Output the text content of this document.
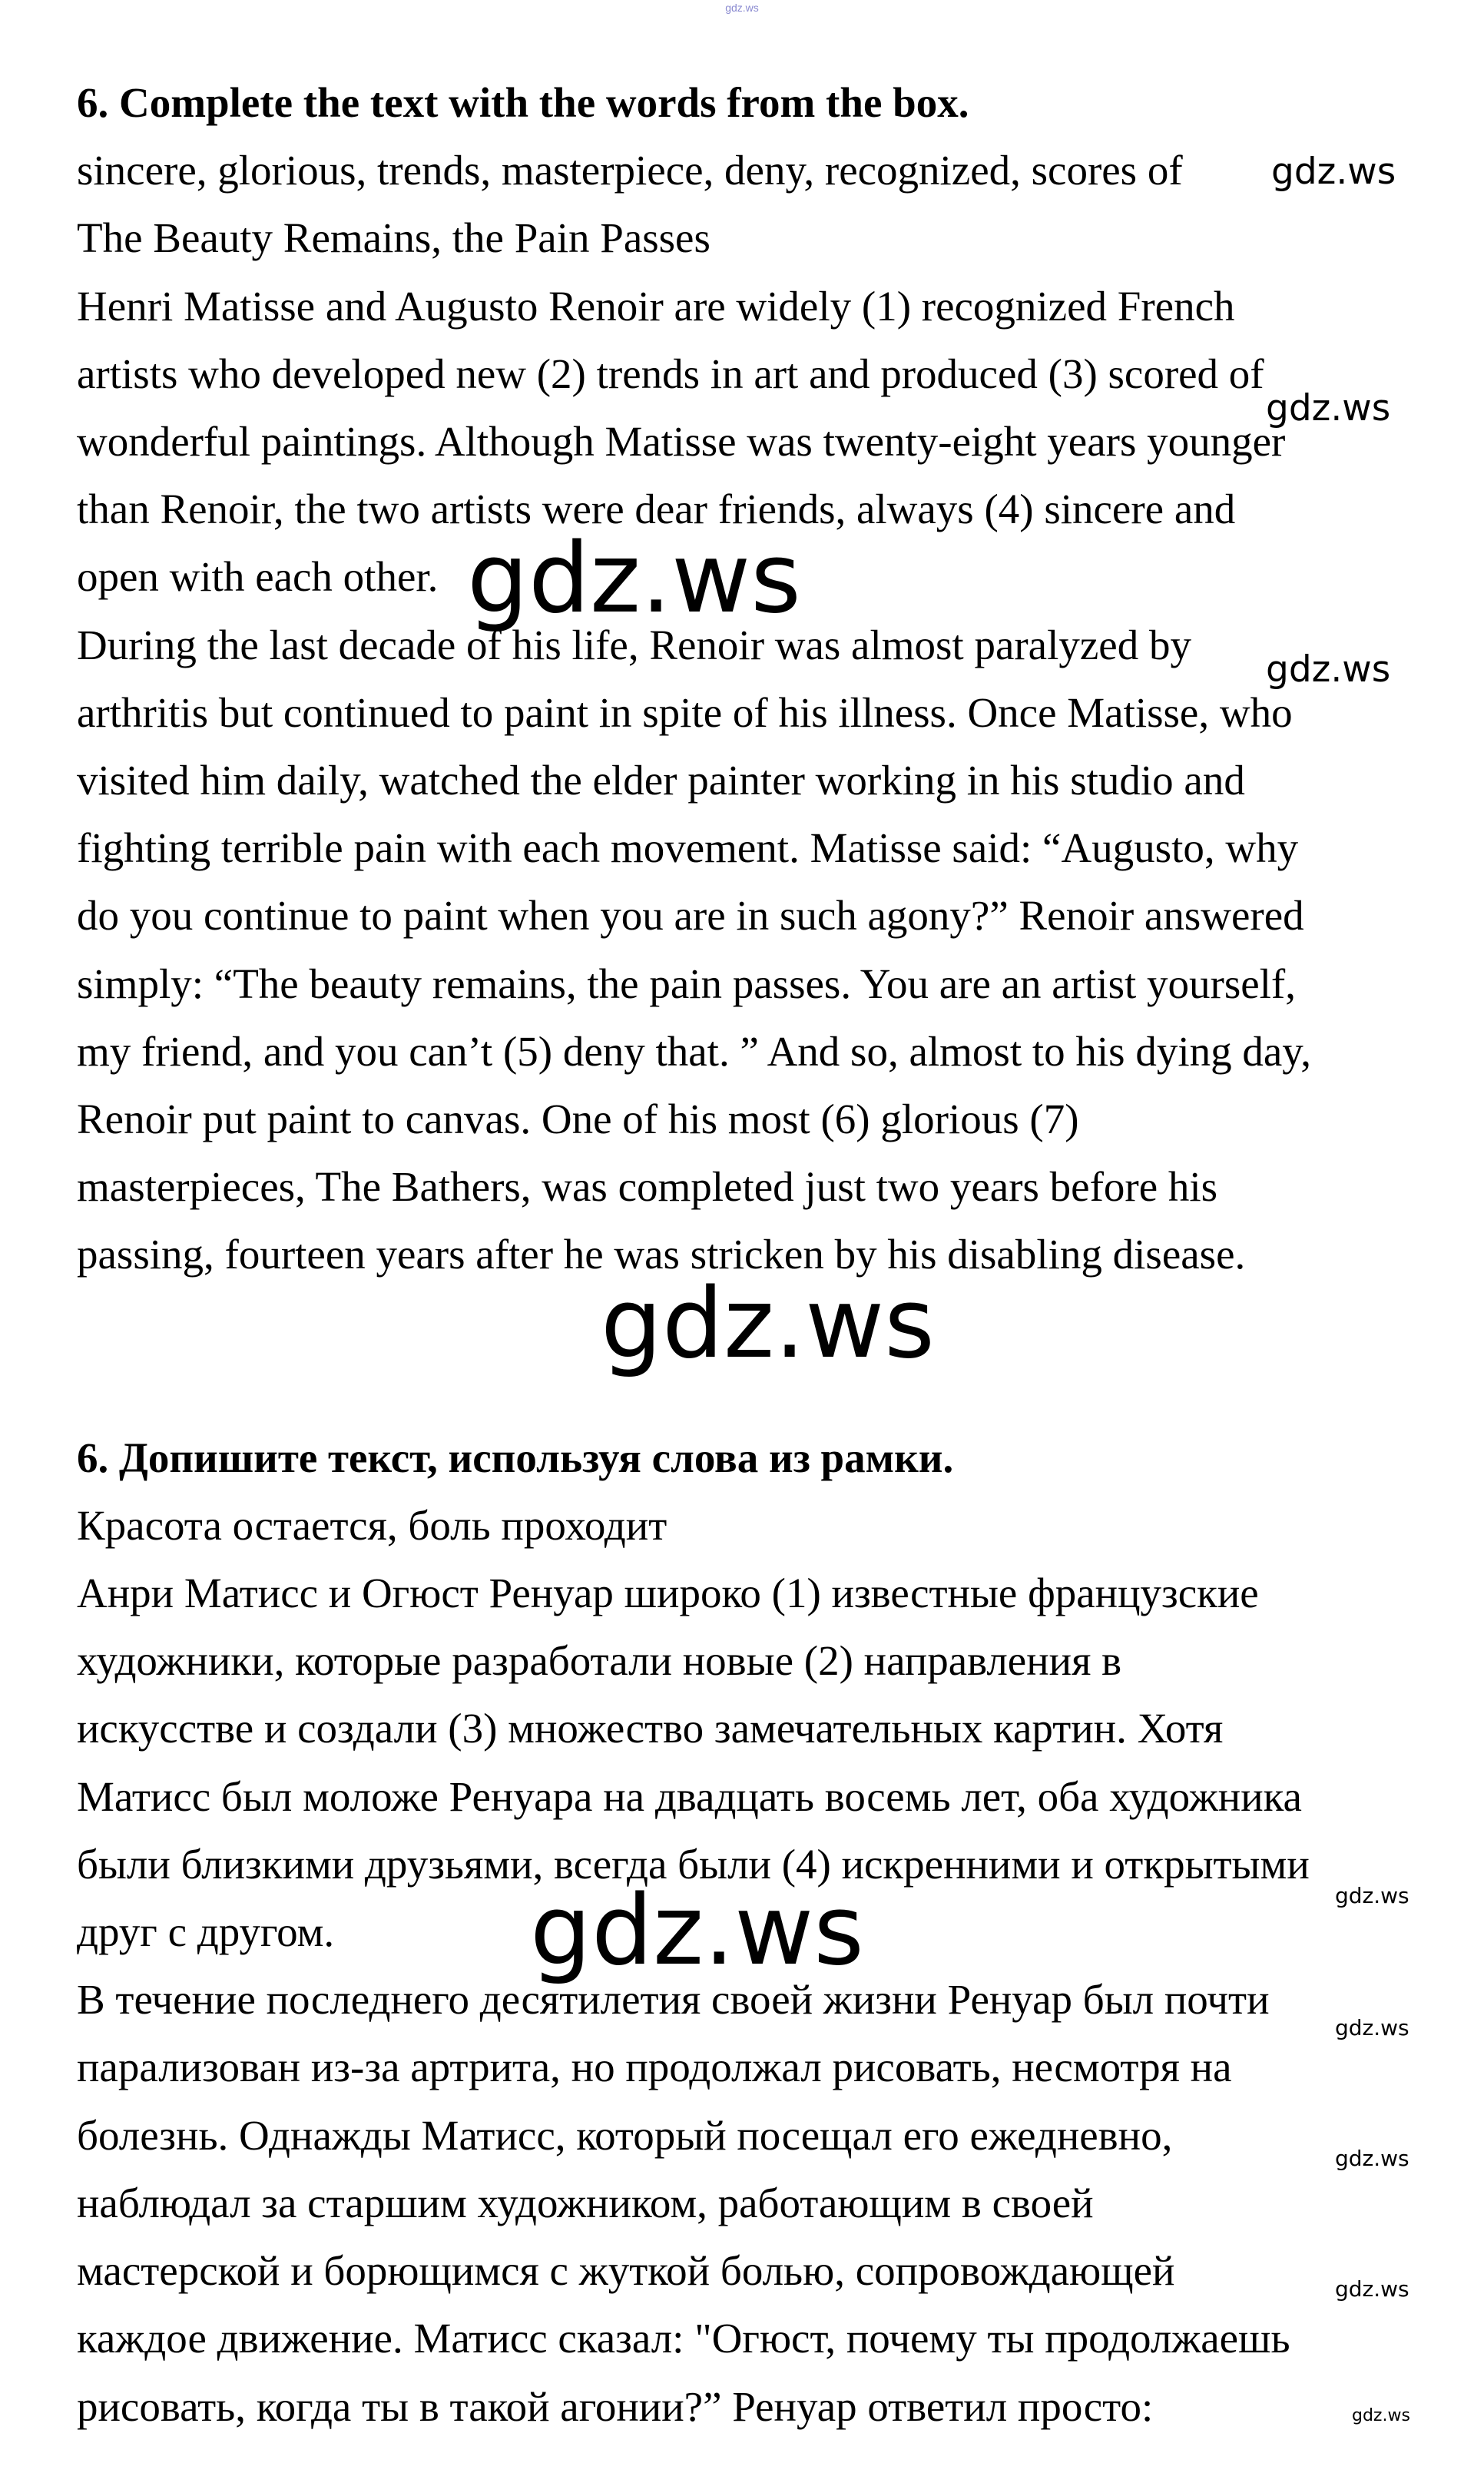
gdz.ws

6. Complete the text with the words from the box.

sincere, glorious, trends, masterpiece, deny, recognized, scores of

The Beauty Remains, the Pain Passes

Henri Matisse and Augusto Renoir are widely (1) recognized French

artists who developed new (2) trends in art and produced (3) scored of

wonderful paintings. Although Matisse was twenty-eight years younger

than Renoir, the two artists were dear friends, always (4) sincere and

open with each other.

During the last decade of his life, Renoir was almost paralyzed by

arthritis but continued to paint in spite of his illness. Once Matisse, who

visited him daily, watched the elder painter working in his studio and

fighting terrible pain with each movement. Matisse said: “Augusto, why

do you continue to paint when you are in such agony?” Renoir answered

simply: “The beauty remains, the pain passes. You are an artist yourself,

my friend, and you can’t (5) deny that. ” And so, almost to his dying day,

Renoir put paint to canvas. One of his most (6) glorious (7)

masterpieces, The Bathers, was completed just two years before his

passing, fourteen years after he was stricken by his disabling disease.

6. Допишите текст, используя слова из рамки.

Красота остается, боль проходит

Анри Матисс и Огюст Ренуар широко (1) известные французские

художники, которые разработали новые (2) направления в

искусстве и создали (3) множество замечательных картин. Хотя

Матисс был моложе Ренуара на двадцать восемь лет, оба художника

были близкими друзьями, всегда были (4) искренними и открытыми

друг с другом.

В течение последнего десятилетия своей жизни Ренуар был почти

парализован из-за артрита, но продолжал рисовать, несмотря на

болезнь. Однажды Матисс, который посещал его ежедневно,

наблюдал за старшим художником, работающим в своей

мастерской и борющимся с жуткой болью, сопровождающей

каждое движение. Матисс сказал: "Огюст, почему ты продолжаешь

рисовать, когда ты в такой агонии?” Ренуар ответил просто:

gdz.ws
gdz.ws
gdz.ws
gdz.ws
gdz.ws
gdz.ws
gdz.ws
gdz.ws
gdz.ws
gdz.ws
gdz.ws
